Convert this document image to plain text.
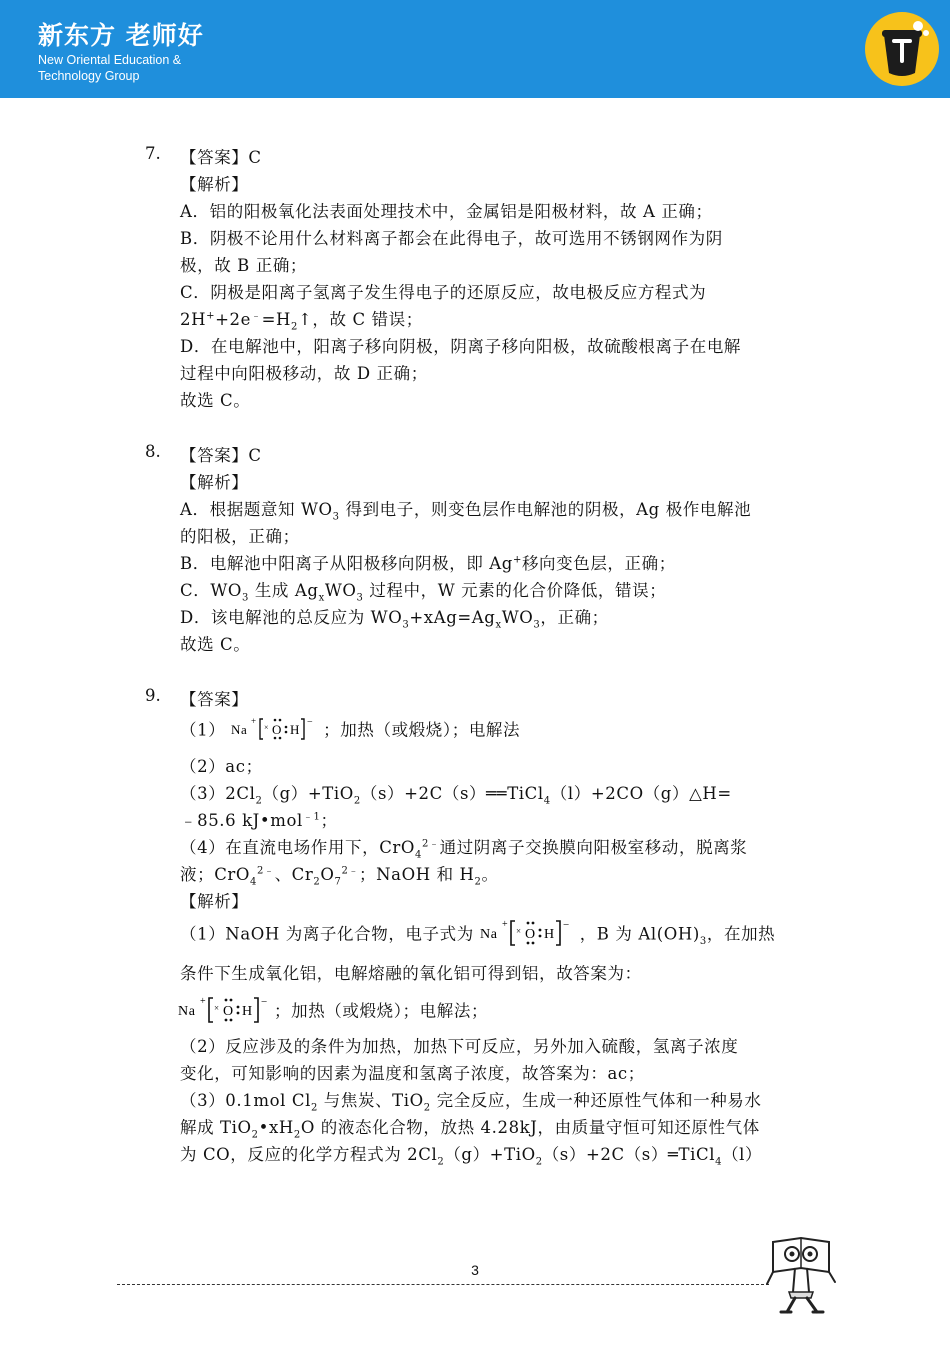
新东方 老师好
New Oriental Education &
Technology Group
7. 【答案】C
【解析】
A．铝的阳极氧化法表面处理技术中，金属铝是阳极材料，故 A 正确；
B．阴极不论用什么材料离子都会在此得电子，故可选用不锈钢网作为阴
极，故 B 正确；
C．阴极是阳离子氢离子发生得电子的还原反应，故电极反应方程式为
$2H^++2e^﹣=H_2↑$，故 C 错误；
D．在电解池中，阳离子移向阴极，阴离子移向阳极，故硫酸根离子在电解
过程中向阳极移动，故 D 正确；
故选 C。
8. 【答案】C
【解析】
A．根据题意知 $WO_3$ 得到电子，则变色层作电解池的阴极，Ag 极作电解池
的阳极，正确；
B．电解池中阳离子从阳极移向阴极，即 Ag+移向变色层，正确；
C．$WO_3$ 生成 $Ag_xWO_3$ 过程中，W 元素的化合价降低，错误；
D．该电解池的总反应为 $WO_3+xAg=Ag_xWO_3$，正确；
故选 C。
9. 【答案】
（1） Na
+
O H
×	− ；加热（或煅烧）；电解法
（2）ac；
$(3)2Cl_2(g)+TiO_2(s)+2C(s)══TiCl_4(l)+2CO(g)\triangle H=$
﹣85.6 kJ•mol$^{﹣1}$；
（4）在直流电场作用下，CrO$_4^{2﹣}$通过阴离子交换膜向阳极室移动，脱离浆
液；CrO$_4^{2﹣}$、$Cr_2O_7^{2﹣}$；NaOH 和 $H_2$。
【解析】
（1）NaOH 为离子化合物，电子式为 Na
+
O H
×	− ，B 为 $Al(OH)_3$，在加热
条件下生成氧化铝，电解熔融的氧化铝可得到铝，故答案为：
Na
+
O H
×	− ；加热（或煅烧）；电解法；
（2）反应涉及的条件为加热，加热下可反应，另外加入硫酸，氢离子浓度
变化，可知影响的因素为温度和氢离子浓度，故答案为：ac；
（3）0.1mol $Cl_2$ 与焦炭、TiO$_2$ 完全反应，生成一种还原性气体和一种易水
解成 $TiO_2•xH_2O$ 的液态化合物，放热 4.28kJ，由质量守恒可知还原性气体
为 CO，反应的化学方程式为 $2Cl_2(g)+TiO_2(s)+2C(s)═TiCl_4(l)$
3
